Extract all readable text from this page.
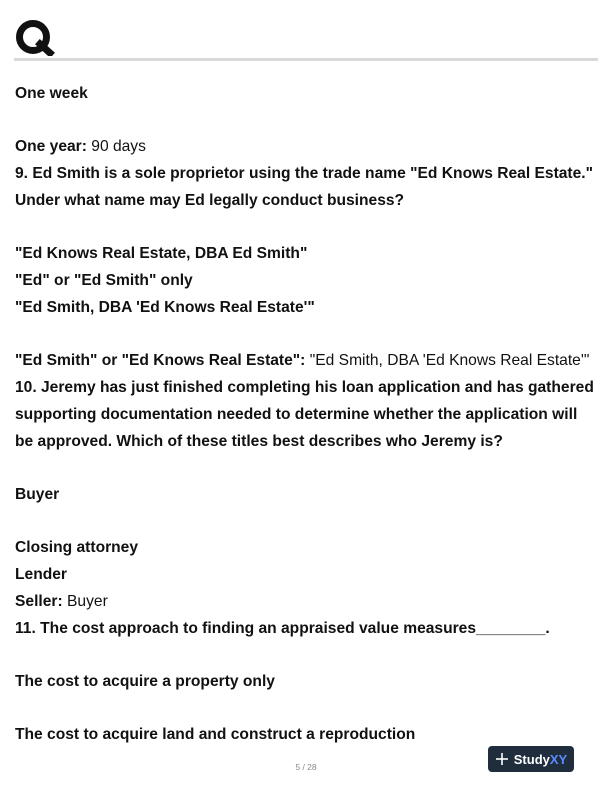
One week

One year: 90 days

9. Ed Smith is a sole proprietor using the trade name "Ed Knows Real Estate."

Under what name may Ed legally conduct business?

"Ed Knows Real Estate, DBA Ed Smith"

"Ed" or "Ed Smith" only

"Ed Smith, DBA 'Ed Knows Real Estate'"

"Ed Smith" or "Ed Knows Real Estate": "Ed Smith, DBA 'Ed Knows Real Estate'"

10. Jeremy has just finished completing his loan application and has gathered

supporting documentation needed to determine whether the application will

be approved. Which of these titles best describes who Jeremy is?

Buyer

Closing attorney

Lender

Seller: Buyer

11. The cost approach to finding an appraised value measures________.

The cost to acquire a property only

The cost to acquire land and construct a reproduction

5 / 28
StudyXY
